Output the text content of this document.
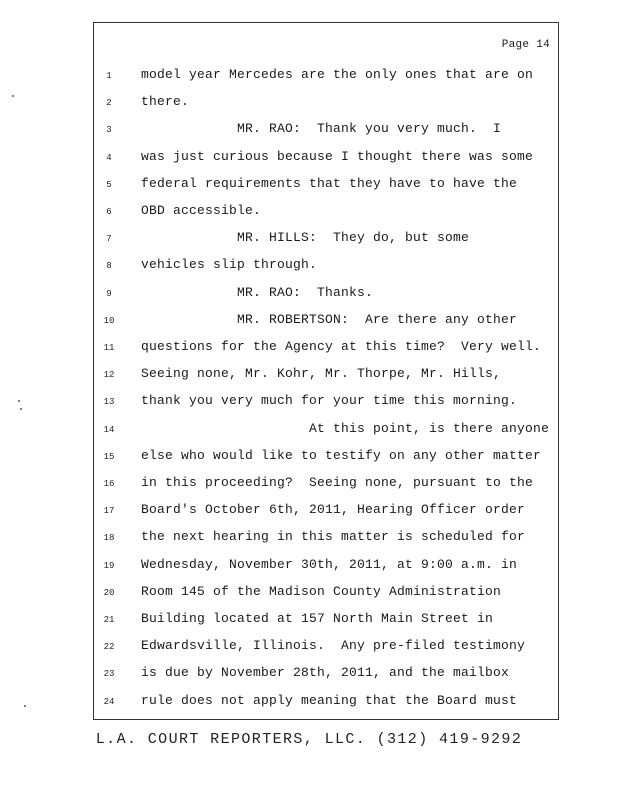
Page 14
1	model year Mercedes are the only ones that are on
2	there.
3	MR. RAO:  Thank you very much.  I
4	was just curious because I thought there was some
5	federal requirements that they have to have the
6	OBD accessible.
7	MR. HILLS:  They do, but some
8	vehicles slip through.
9	MR. RAO:  Thanks.
10	MR. ROBERTSON:  Are there any other
11	questions for the Agency at this time?  Very well.
12	Seeing none, Mr. Kohr, Mr. Thorpe, Mr. Hills,
13	thank you very much for your time this morning.
14	At this point, is there anyone
15	else who would like to testify on any other matter
16	in this proceeding?  Seeing none, pursuant to the
17	Board's October 6th, 2011, Hearing Officer order
18	the next hearing in this matter is scheduled for
19	Wednesday, November 30th, 2011, at 9:00 a.m. in
20	Room 145 of the Madison County Administration
21	Building located at 157 North Main Street in
22	Edwardsville, Illinois.  Any pre-filed testimony
23	is due by November 28th, 2011, and the mailbox
24	rule does not apply meaning that the Board must
L.A. COURT REPORTERS, LLC. (312) 419-9292
